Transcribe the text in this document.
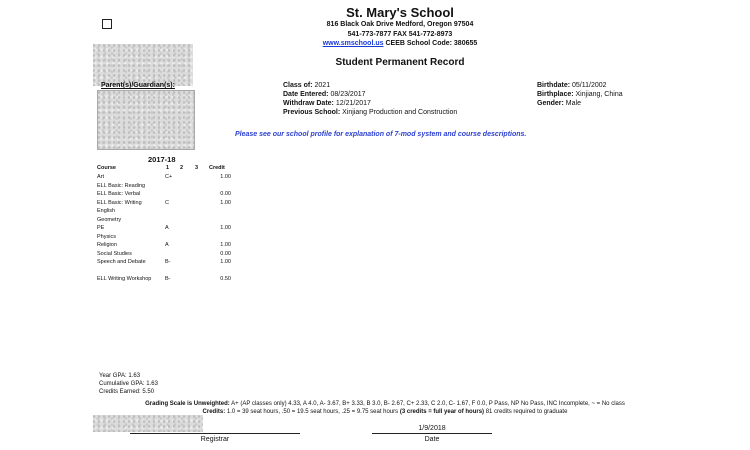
St. Mary's School
816 Black Oak Drive Medford, Oregon 97504
541-773-7877 FAX 541-772-8973
www.smschool.us CEEB School Code: 380655
Student Permanent Record
Parent(s)/Guardian(s):	Class of: 2021
Date Entered: 08/23/2017
Withdraw Date: 12/21/2017
Previous School: Xinjiang Production and Construction
Birthdate: 05/11/2002
Birthplace: Xinjiang, China
Gender: Male
Please see our school profile for explanation of 7-mod system and course descriptions.
2017-18
Course	1 2 3 Credit
Art	C+	1.00
ELL Basic: Reading
ELL Basic: Verbal	0.00
ELL Basic: Writing	C	1.00
English
Geometry
PE	A	1.00
Physics
Religion	A	1.00
Social Studies	0.00
Speech and Debate	B-	1.00
ELL Writing Workshop B-	0.50
Year GPA: 1.63
Cumulative GPA: 1.63
Credits Earned: 5.50
Grading Scale is Unweighted: A+ (AP classes only) 4.33, A 4.0, A- 3.67, B+ 3.33, B 3.0, B- 2.67, C+ 2.33, C 2.0, C- 1.67, F 0.0, P Pass, NP No Pass, INC Incomplete, ~ = No class
Credits: 1.0 = 39 seat hours, .50 = 19.5 seat hours, .25 = 9.75 seat hours (3 credits = full year of hours) 81 credits required to graduate
1/9/2018
Registrar	Date
